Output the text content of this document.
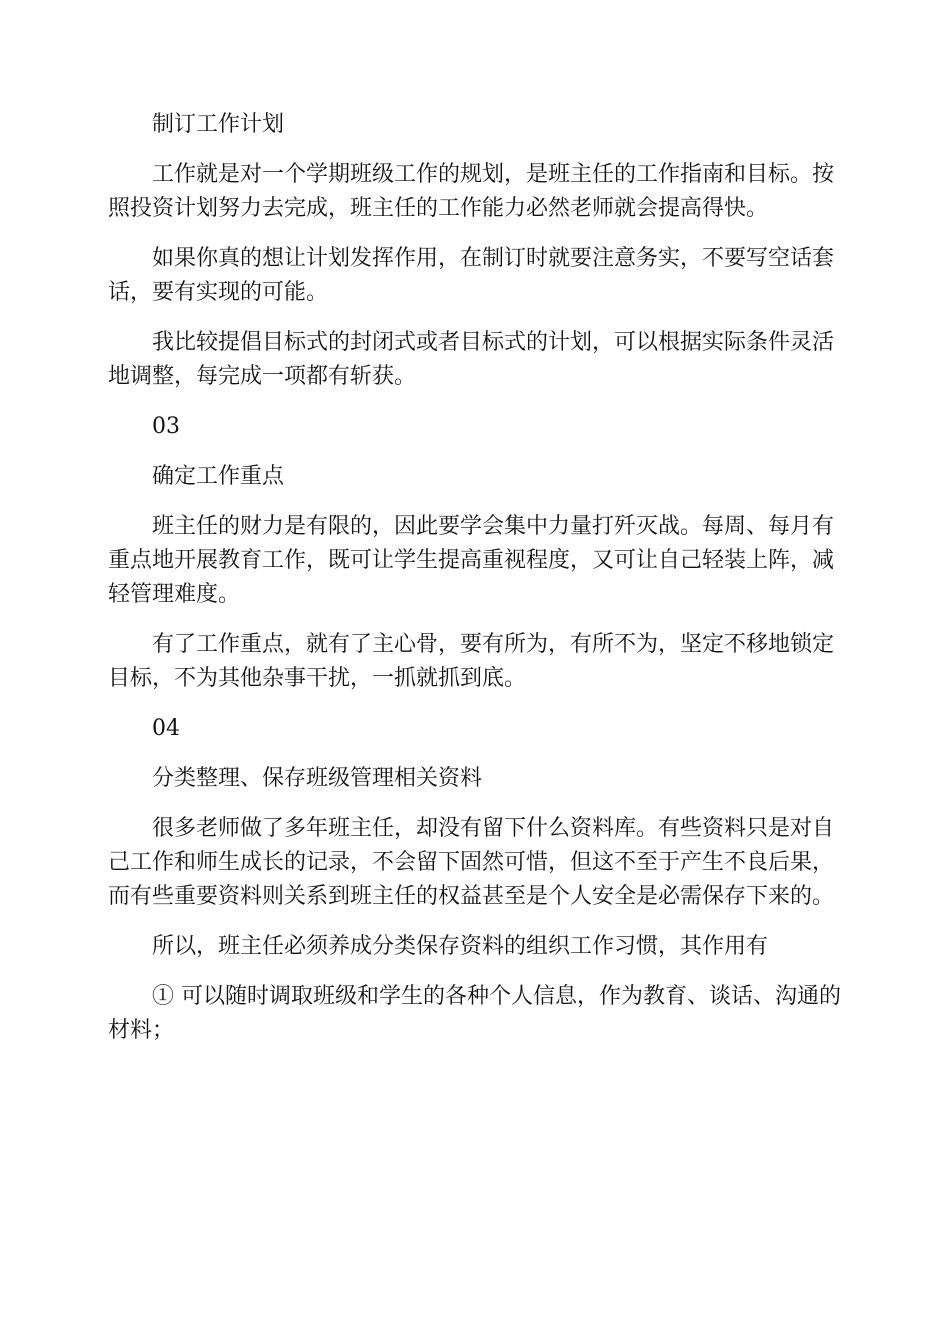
制订工作计划

工作就是对一个学期班级工作的规划，是班主任的工作指南和目标。按照投资计划努力去完成，班主任的工作能力必然老师就会提高得快。

如果你真的想让计划发挥作用，在制订时就要注意务实，不要写空话套话，要有实现的可能。

我比较提倡目标式的封闭式或者目标式的计划，可以根据实际条件灵活地调整，每完成一项都有斩获。

03

确定工作重点

班主任的财力是有限的，因此要学会集中力量打歼灭战。每周、每月有重点地开展教育工作，既可让学生提高重视程度，又可让自己轻装上阵，减轻管理难度。

有了工作重点，就有了主心骨，要有所为，有所不为，坚定不移地锁定目标，不为其他杂事干扰，一抓就抓到底。

04

分类整理、保存班级管理相关资料

很多老师做了多年班主任，却没有留下什么资料库。有些资料只是对自己工作和师生成长的记录，不会留下固然可惜，但这不至于产生不良后果，而有些重要资料则关系到班主任的权益甚至是个人安全是必需保存下来的。

所以，班主任必须养成分类保存资料的组织工作习惯，其作用有

① 可以随时调取班级和学生的各种个人信息，作为教育、谈话、沟通的材料；
